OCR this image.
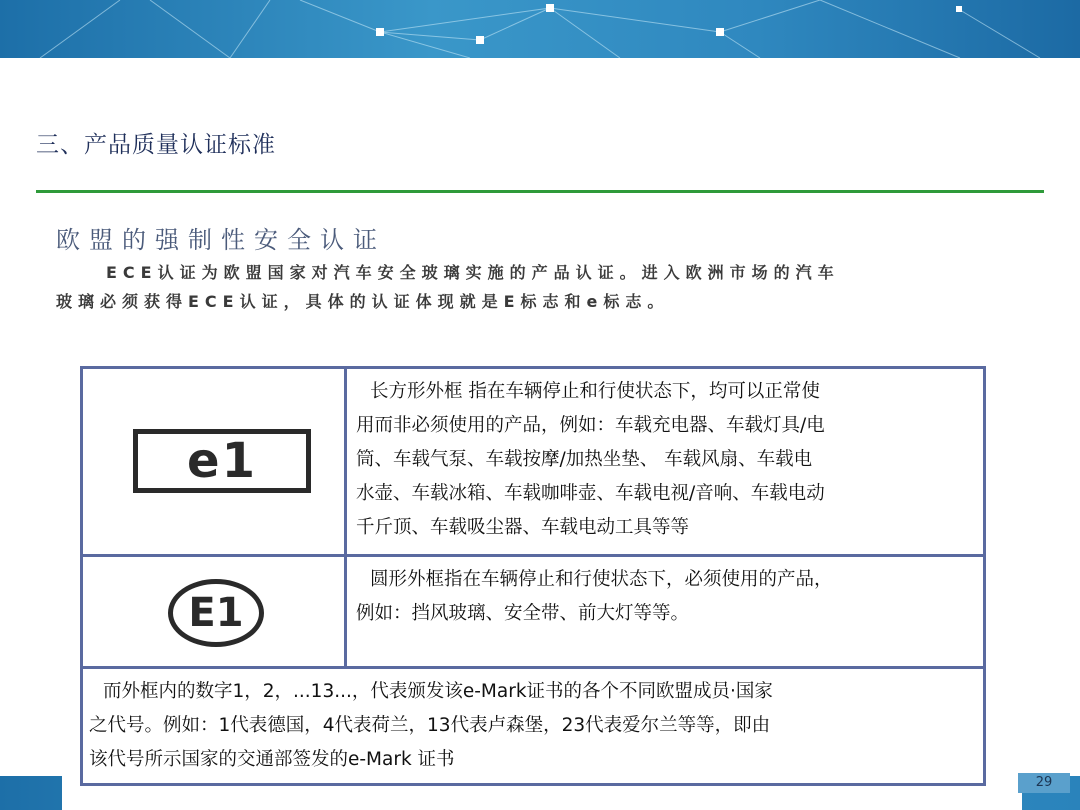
三、产品质量认证标准
欧盟的强制性安全认证
ECE认证为欧盟国家对汽车安全玻璃实施的产品认证。进入欧洲市场的汽车
玻璃必须获得ECE认证，具体的认证体现就是E标志和e标志。
e1
长方形外框 指在车辆停止和行使状态下，均可以正常使
用而非必须使用的产品，例如：车载充电器、车载灯具/电
筒、车载气泵、车载按摩/加热坐垫、 车载风扇、车载电
水壶、车载冰箱、车载咖啡壶、车载电视/音响、车载电动
千斤顶、车载吸尘器、车载电动工具等等
E1
圆形外框指在车辆停止和行使状态下，必须使用的产品，
例如：挡风玻璃、安全带、前大灯等等。
而外框内的数字1，2，...13...，代表颁发该e-Mark证书的各个不同欧盟成员·国家
之代号。例如：1代表德国，4代表荷兰，13代表卢森堡，23代表爱尔兰等等，即由
该代号所示国家的交通部签发的e-Mark 证书
29
